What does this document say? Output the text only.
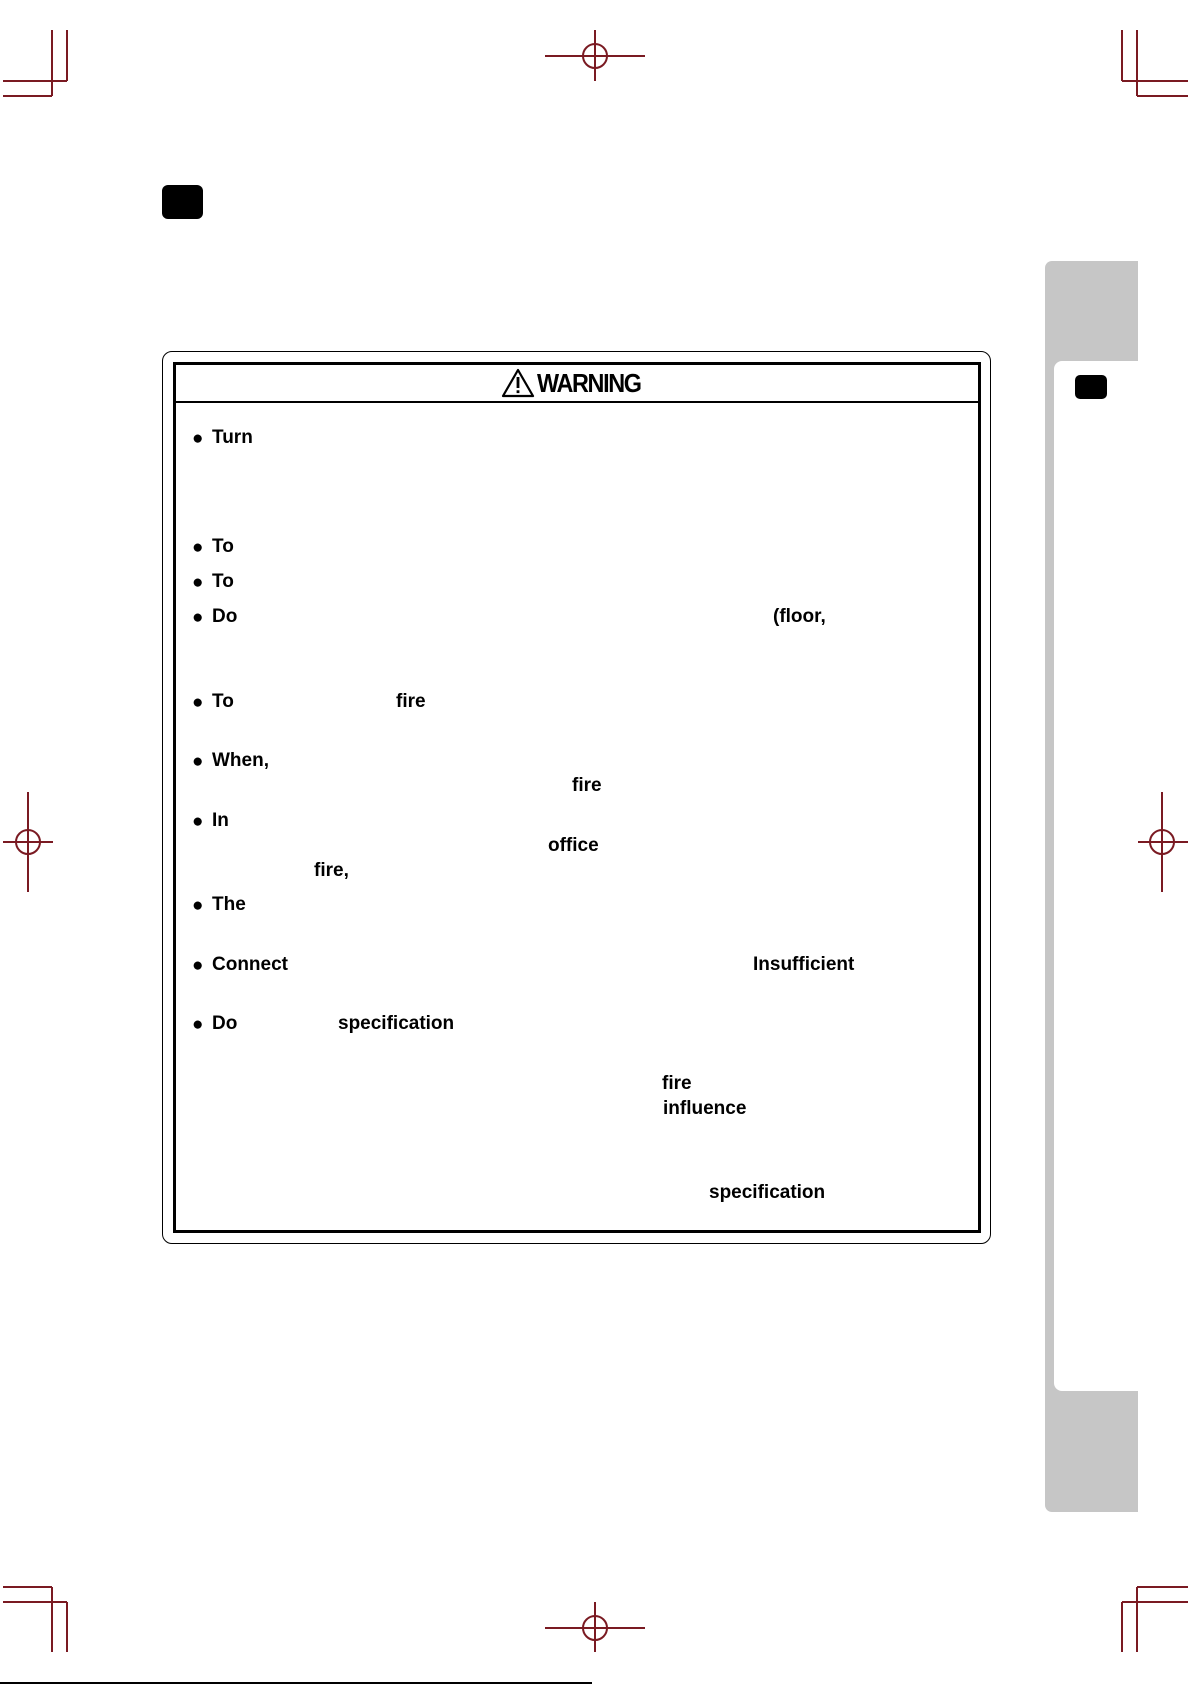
WARNING
● Turn
● To
● To
● Do	(floor,
● To	fire
● When,
fire
● In
office
fire,
● The
● Connect	Insufficient
● Do	specification
fire
influence
specification
